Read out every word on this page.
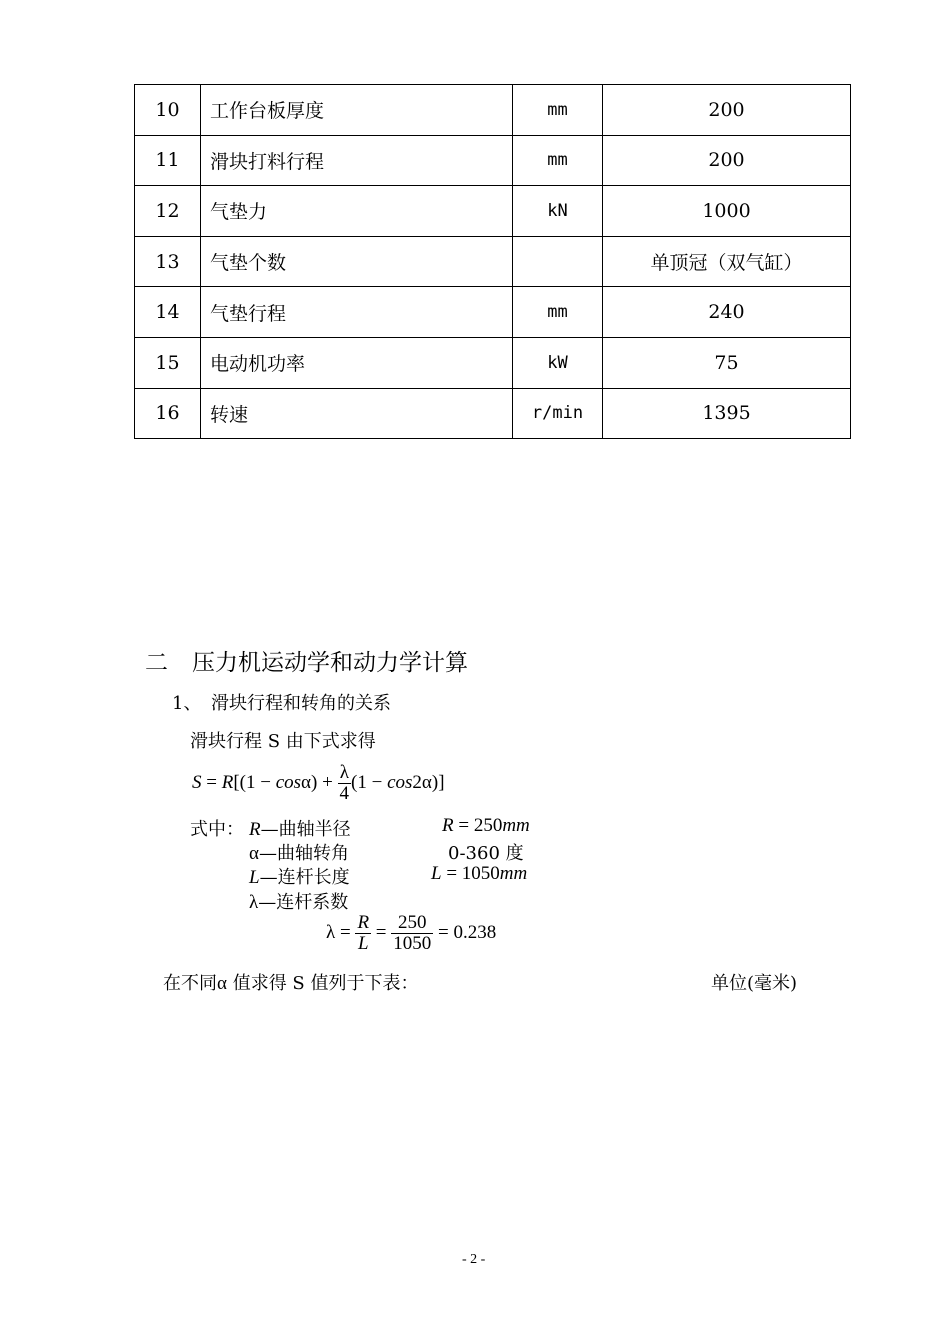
10	工作台板厚度	mm	200
11	滑块打料行程	mm	200
12	气垫力	kN	1000
13	气垫个数		单顶冠（双气缸）
14	气垫行程	mm	240
15	电动机功率	kW	75
16	转速	r/min	1395
二 压力机运动学和动力学计算
1、 滑块行程和转角的关系
滑块行程 S 由下式求得
$S = R[(1 - \cos\alpha) + \frac{\lambda}{4} (1 - \cos 2\alpha)]$
式中： R—曲轴半径	R = 250mm
α—曲轴转角	0-360 度
L—连杆长度	L = 1050mm
λ—连杆系数
$\lambda = \frac{R}{L} = \frac{250}{1050} = 0.238$
在不同α 值求得 S 值列于下表：	单位(毫米)
- 2 -
